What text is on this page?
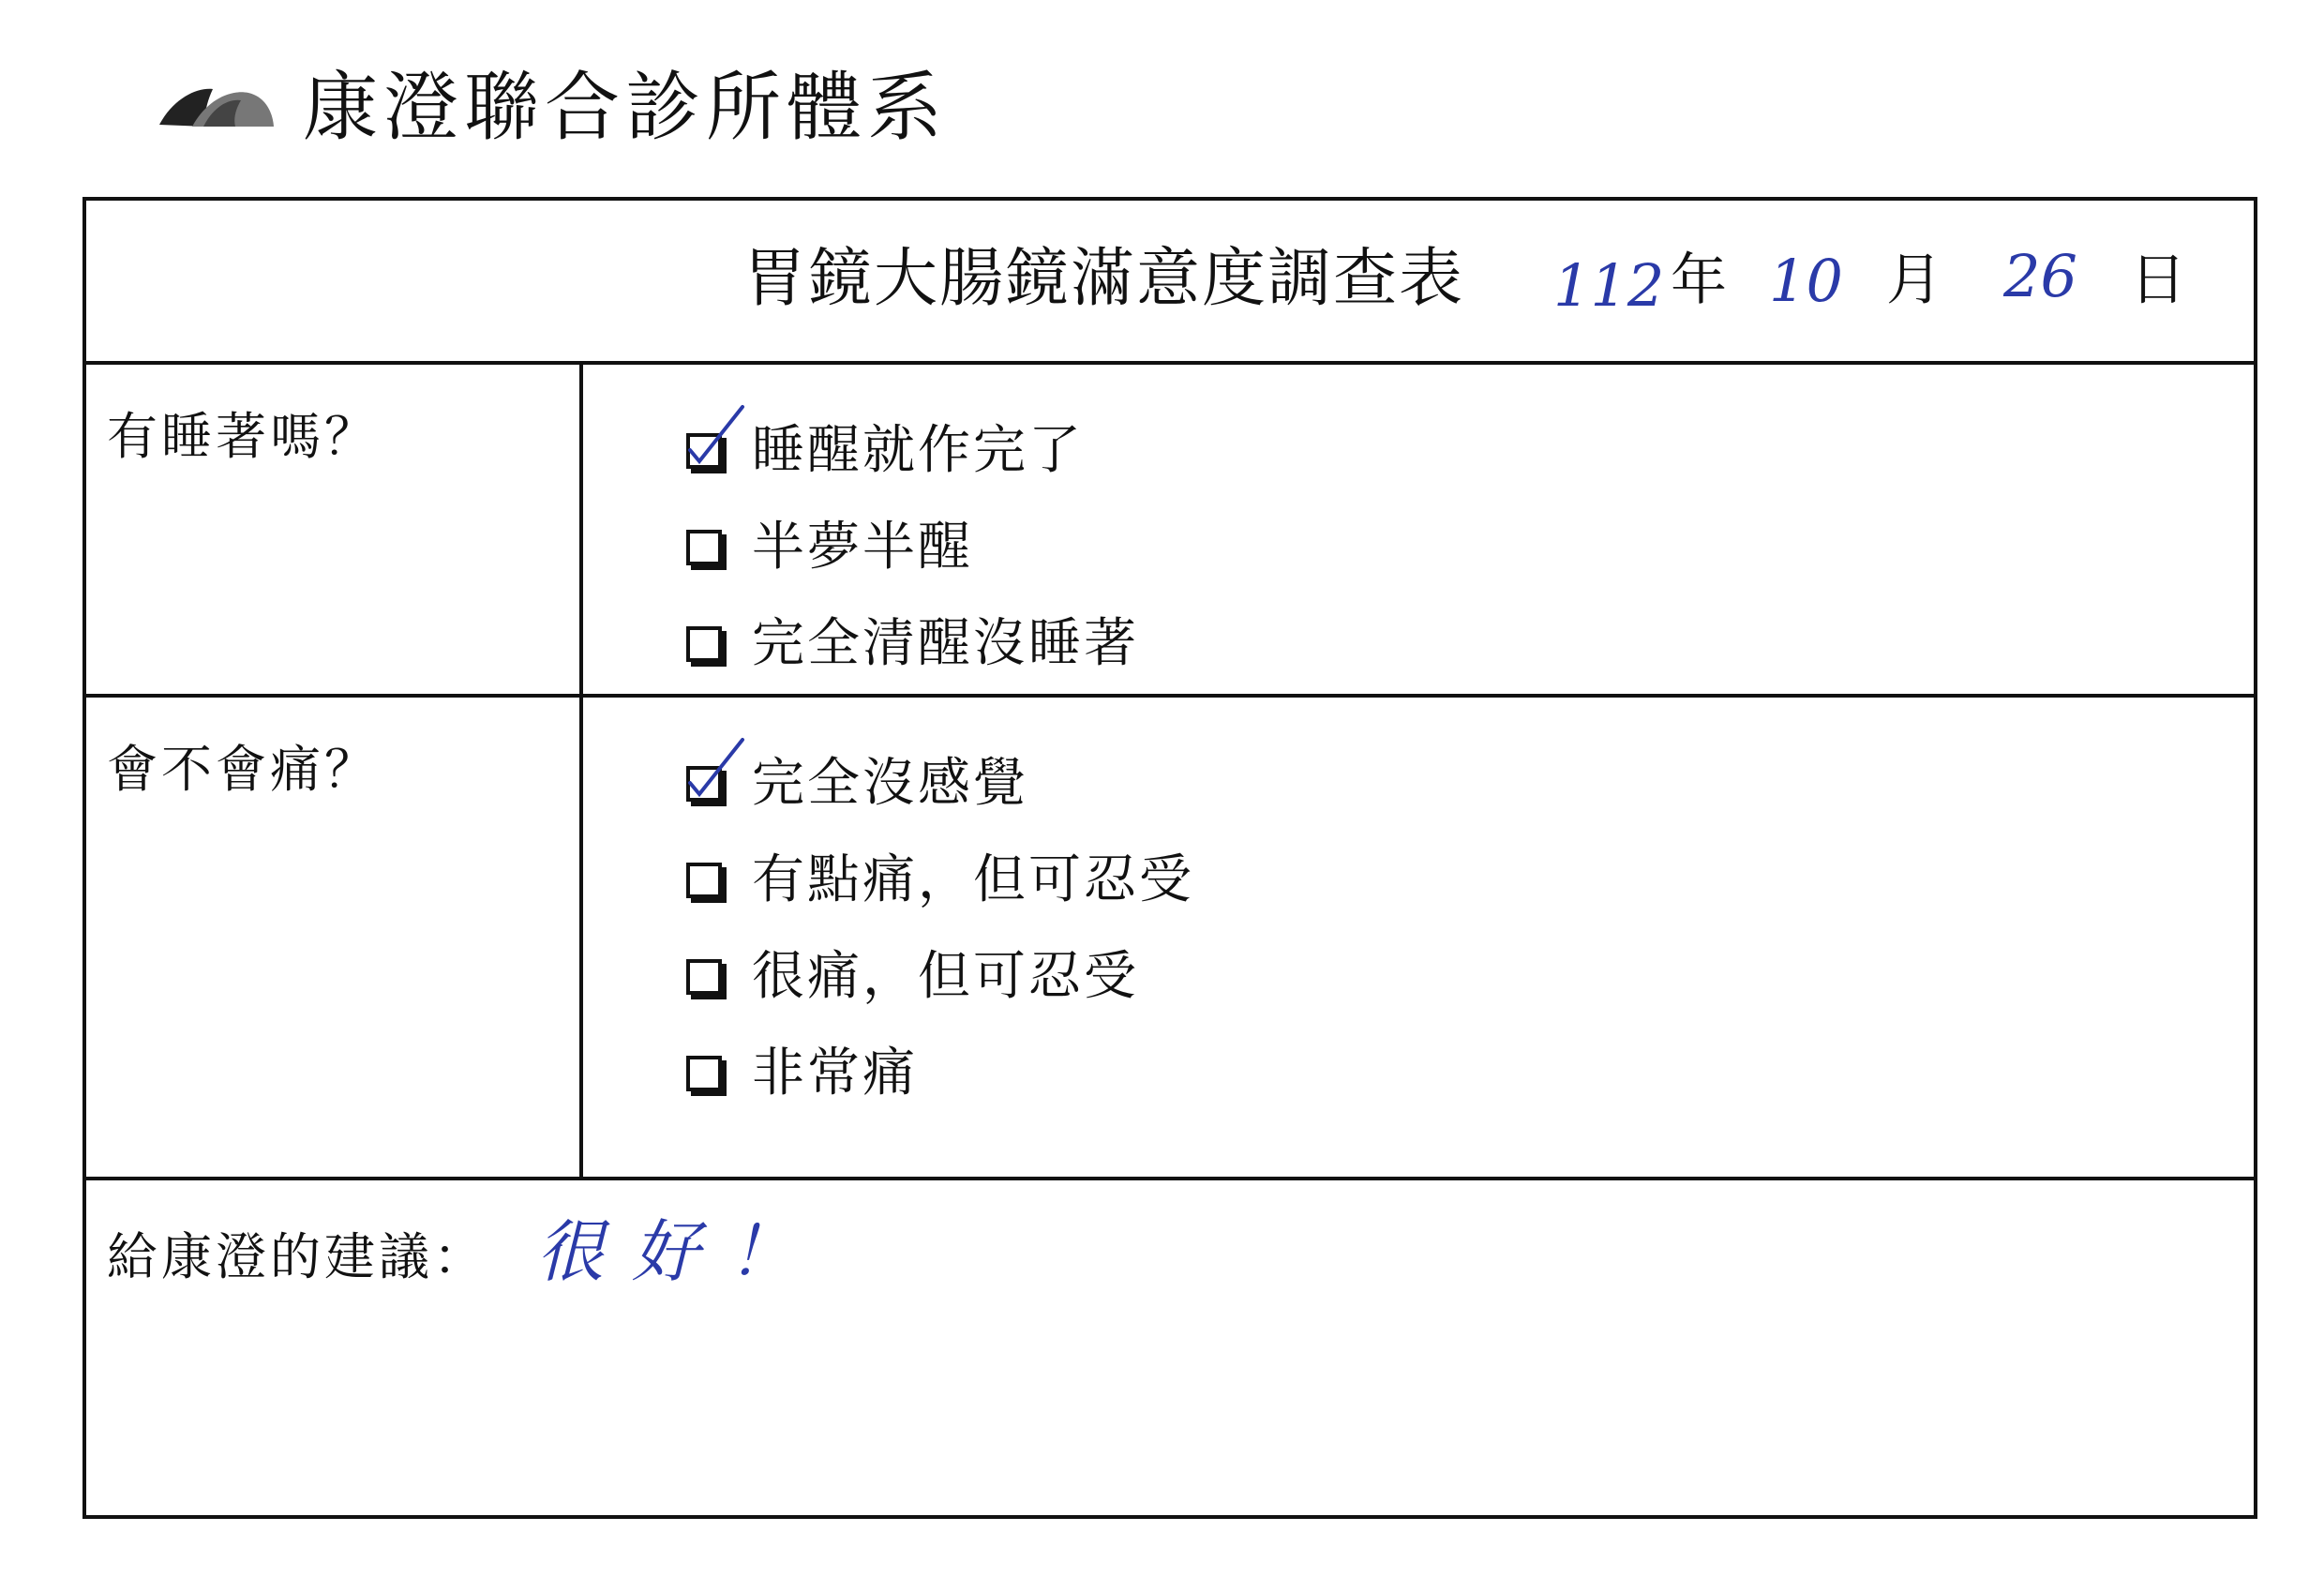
康澄聯合診所體系
胃鏡大腸鏡滿意度調查表 112 年 10 月 26 日
有睡著嗎？	睡醒就作完了
半夢半醒
完全清醒沒睡著
會不會痛？	完全沒感覺
有點痛，但可忍受
很痛，但可忍受
非常痛
給康澄的建議： 很好！
